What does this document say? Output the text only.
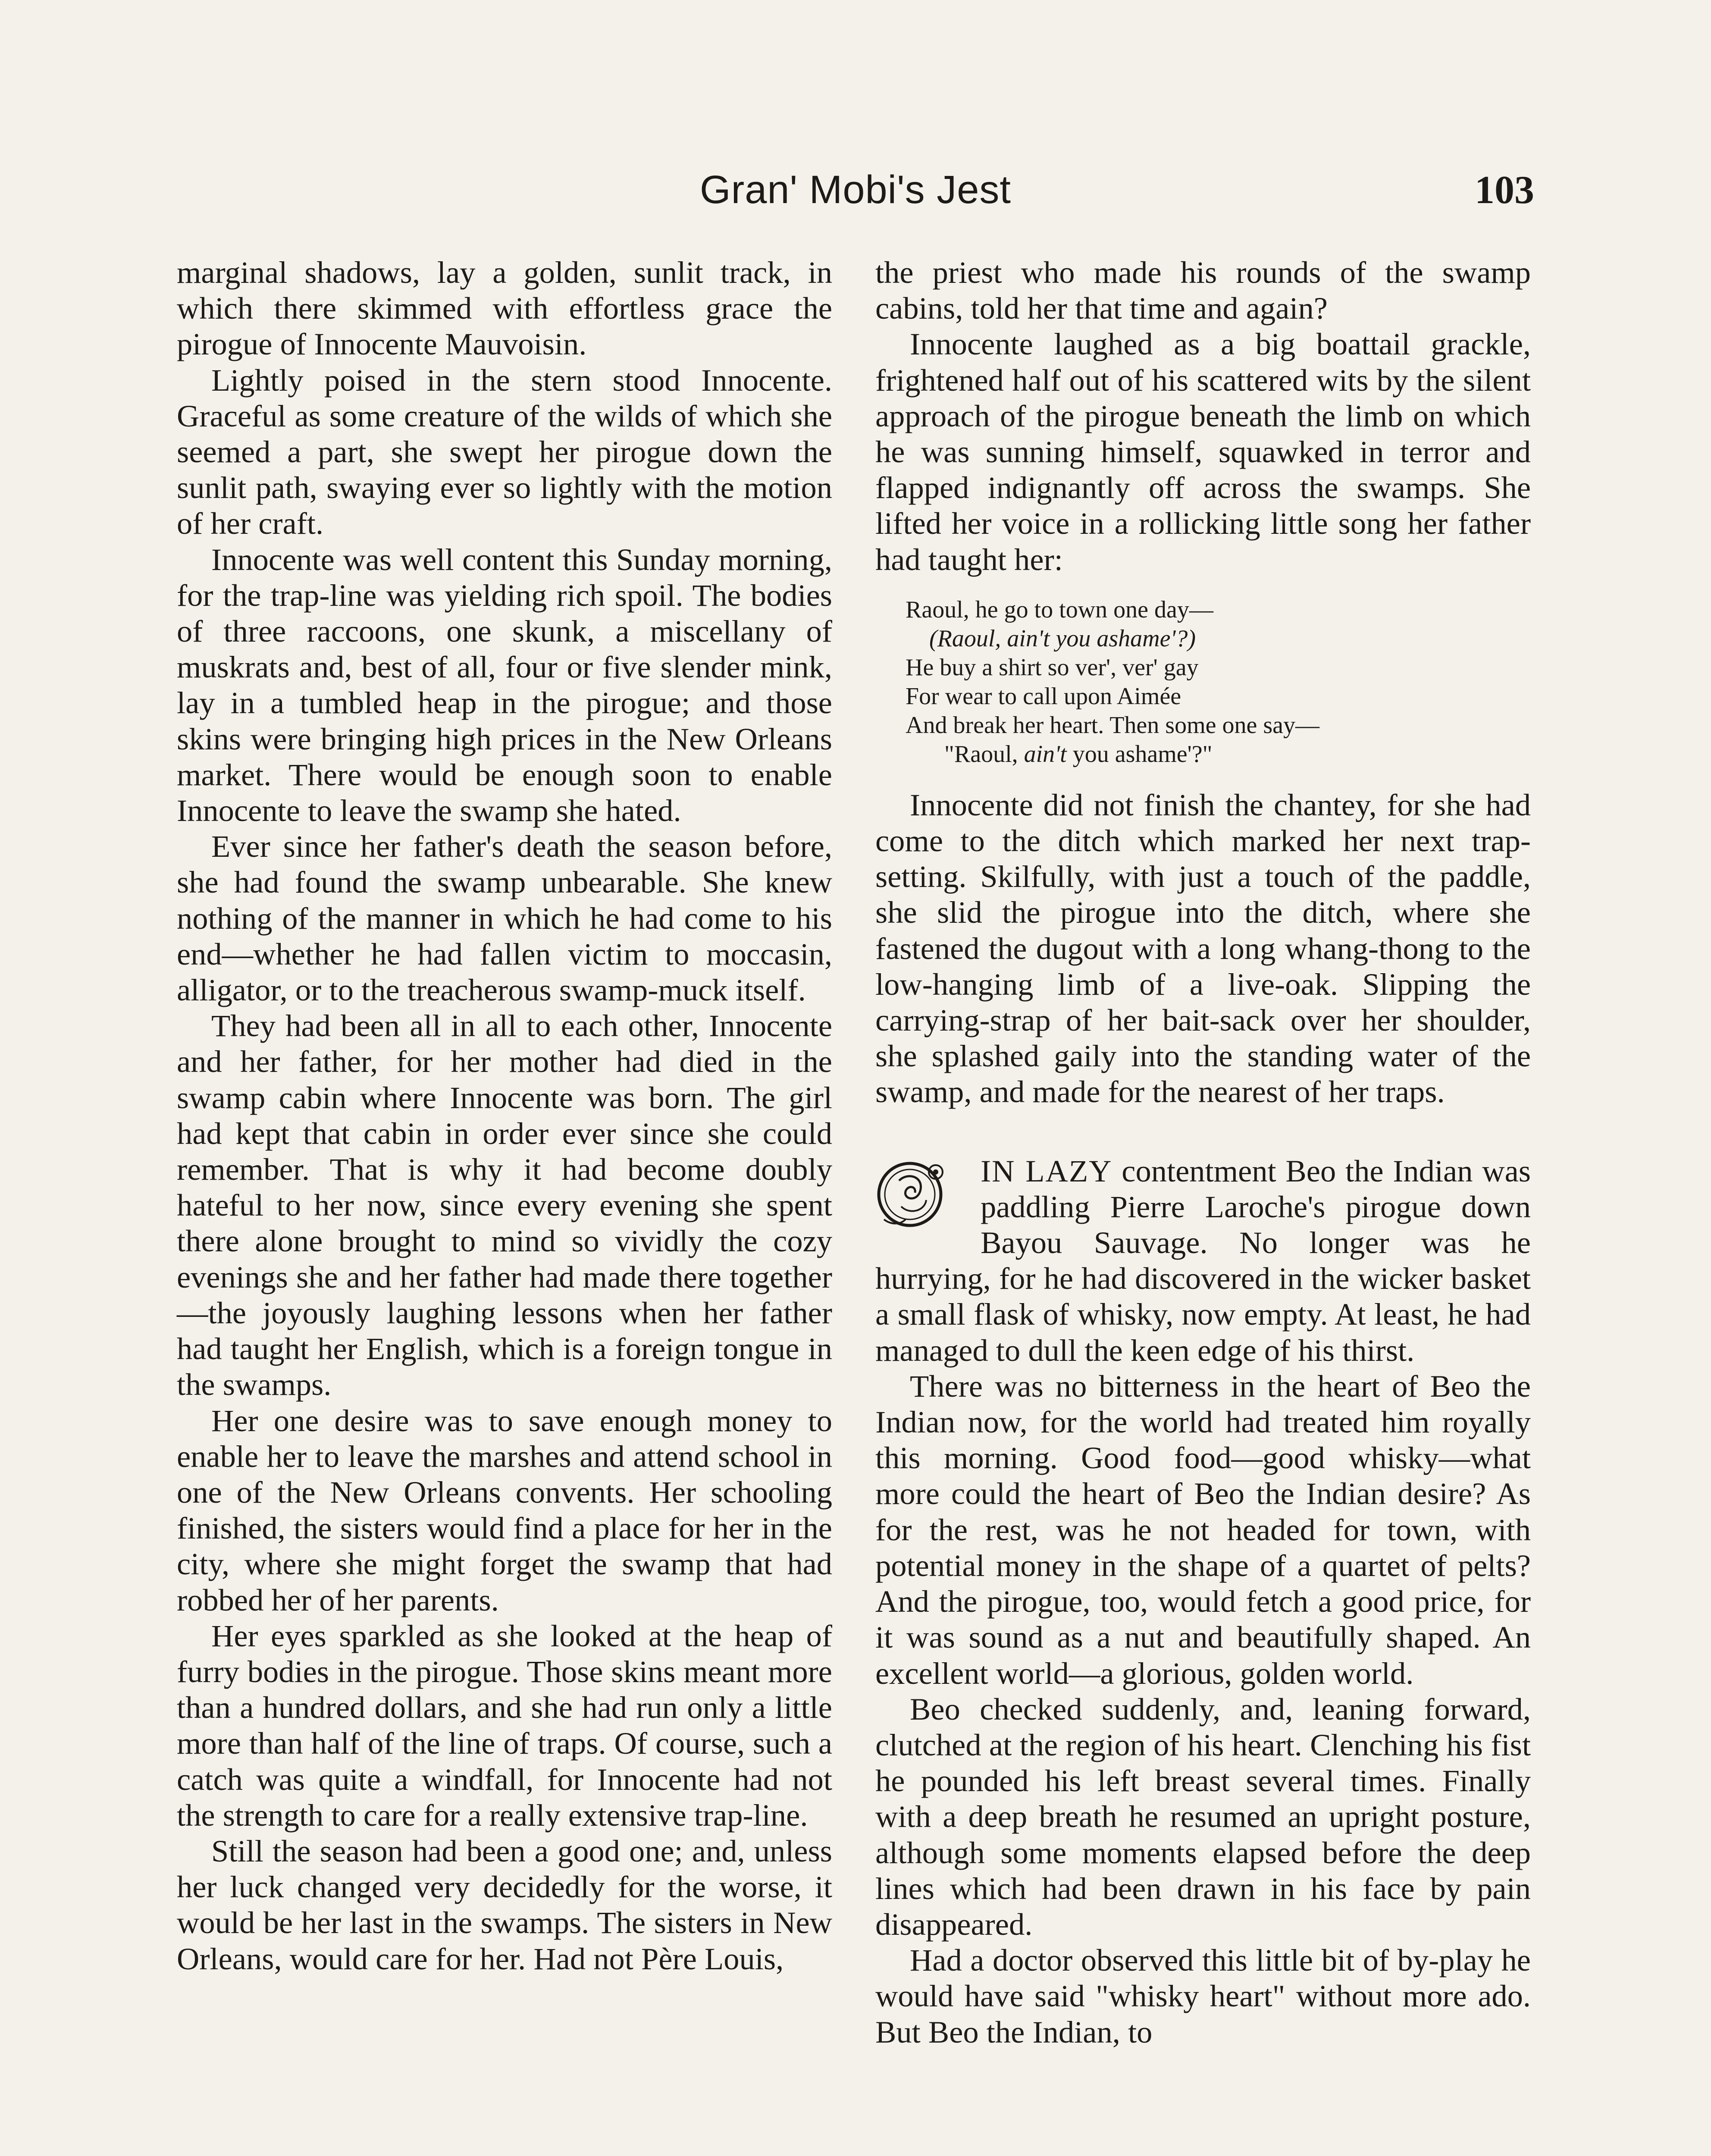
Gran' Mobi's Jest	103

marginal shadows, lay a golden, sunlit track, in which there skimmed with effortless grace the pirogue of Innocente Mauvoisin.

Lightly poised in the stern stood Innocente. Graceful as some creature of the wilds of which she seemed a part, she swept her pirogue down the sunlit path, swaying ever so lightly with the motion of her craft.

Innocente was well content this Sunday morning, for the trap-line was yielding rich spoil. The bodies of three raccoons, one skunk, a miscellany of muskrats and, best of all, four or five slender mink, lay in a tumbled heap in the pirogue; and those skins were bringing high prices in the New Orleans market. There would be enough soon to enable Innocente to leave the swamp she hated.

Ever since her father's death the season before, she had found the swamp unbearable. She knew nothing of the manner in which he had come to his end—whether he had fallen victim to moccasin, alligator, or to the treacherous swamp-muck itself.

They had been all in all to each other, Innocente and her father, for her mother had died in the swamp cabin where Innocente was born. The girl had kept that cabin in order ever since she could remember. That is why it had become doubly hateful to her now, since every evening she spent there alone brought to mind so vividly the cozy evenings she and her father had made there together—the joyously laughing lessons when her father had taught her English, which is a foreign tongue in the swamps.

Her one desire was to save enough money to enable her to leave the marshes and attend school in one of the New Orleans convents. Her schooling finished, the sisters would find a place for her in the city, where she might forget the swamp that had robbed her of her parents.

Her eyes sparkled as she looked at the heap of furry bodies in the pirogue. Those skins meant more than a hundred dollars, and she had run only a little more than half of the line of traps. Of course, such a catch was quite a windfall, for Innocente had not the strength to care for a really extensive trap-line.

Still the season had been a good one; and, unless her luck changed very decidedly for the worse, it would be her last in the swamps. The sisters in New Orleans, would care for her. Had not Père Louis,

the priest who made his rounds of the swamp cabins, told her that time and again?

Innocente laughed as a big boattail grackle, frightened half out of his scattered wits by the silent approach of the pirogue beneath the limb on which he was sunning himself, squawked in terror and flapped indignantly off across the swamps. She lifted her voice in a rollicking little song her father had taught her:

Raoul, he go to town one day—
(Raoul, ain't you ashame'?)
He buy a shirt so ver', ver' gay
For wear to call upon Aimée
And break her heart. Then some one say—
"Raoul, ain't you ashame'?"

Innocente did not finish the chantey, for she had come to the ditch which marked her next trap-setting. Skilfully, with just a touch of the paddle, she slid the pirogue into the ditch, where she fastened the dugout with a long whang-thong to the low-hanging limb of a live-oak. Slipping the carrying-strap of her bait-sack over her shoulder, she splashed gaily into the standing water of the swamp, and made for the nearest of her traps.

IN LAZY contentment Beo the Indian was paddling Pierre Laroche's pirogue down Bayou Sauvage. No longer was he hurrying, for he had discovered in the wicker basket a small flask of whisky, now empty. At least, he had managed to dull the keen edge of his thirst.

There was no bitterness in the heart of Beo the Indian now, for the world had treated him royally this morning. Good food—good whisky—what more could the heart of Beo the Indian desire? As for the rest, was he not headed for town, with potential money in the shape of a quartet of pelts? And the pirogue, too, would fetch a good price, for it was sound as a nut and beautifully shaped. An excellent world—a glorious, golden world.

Beo checked suddenly, and, leaning forward, clutched at the region of his heart. Clenching his fist he pounded his left breast several times. Finally with a deep breath he resumed an upright posture, although some moments elapsed before the deep lines which had been drawn in his face by pain disappeared.

Had a doctor observed this little bit of by-play he would have said "whisky heart" without more ado. But Beo the Indian, to
